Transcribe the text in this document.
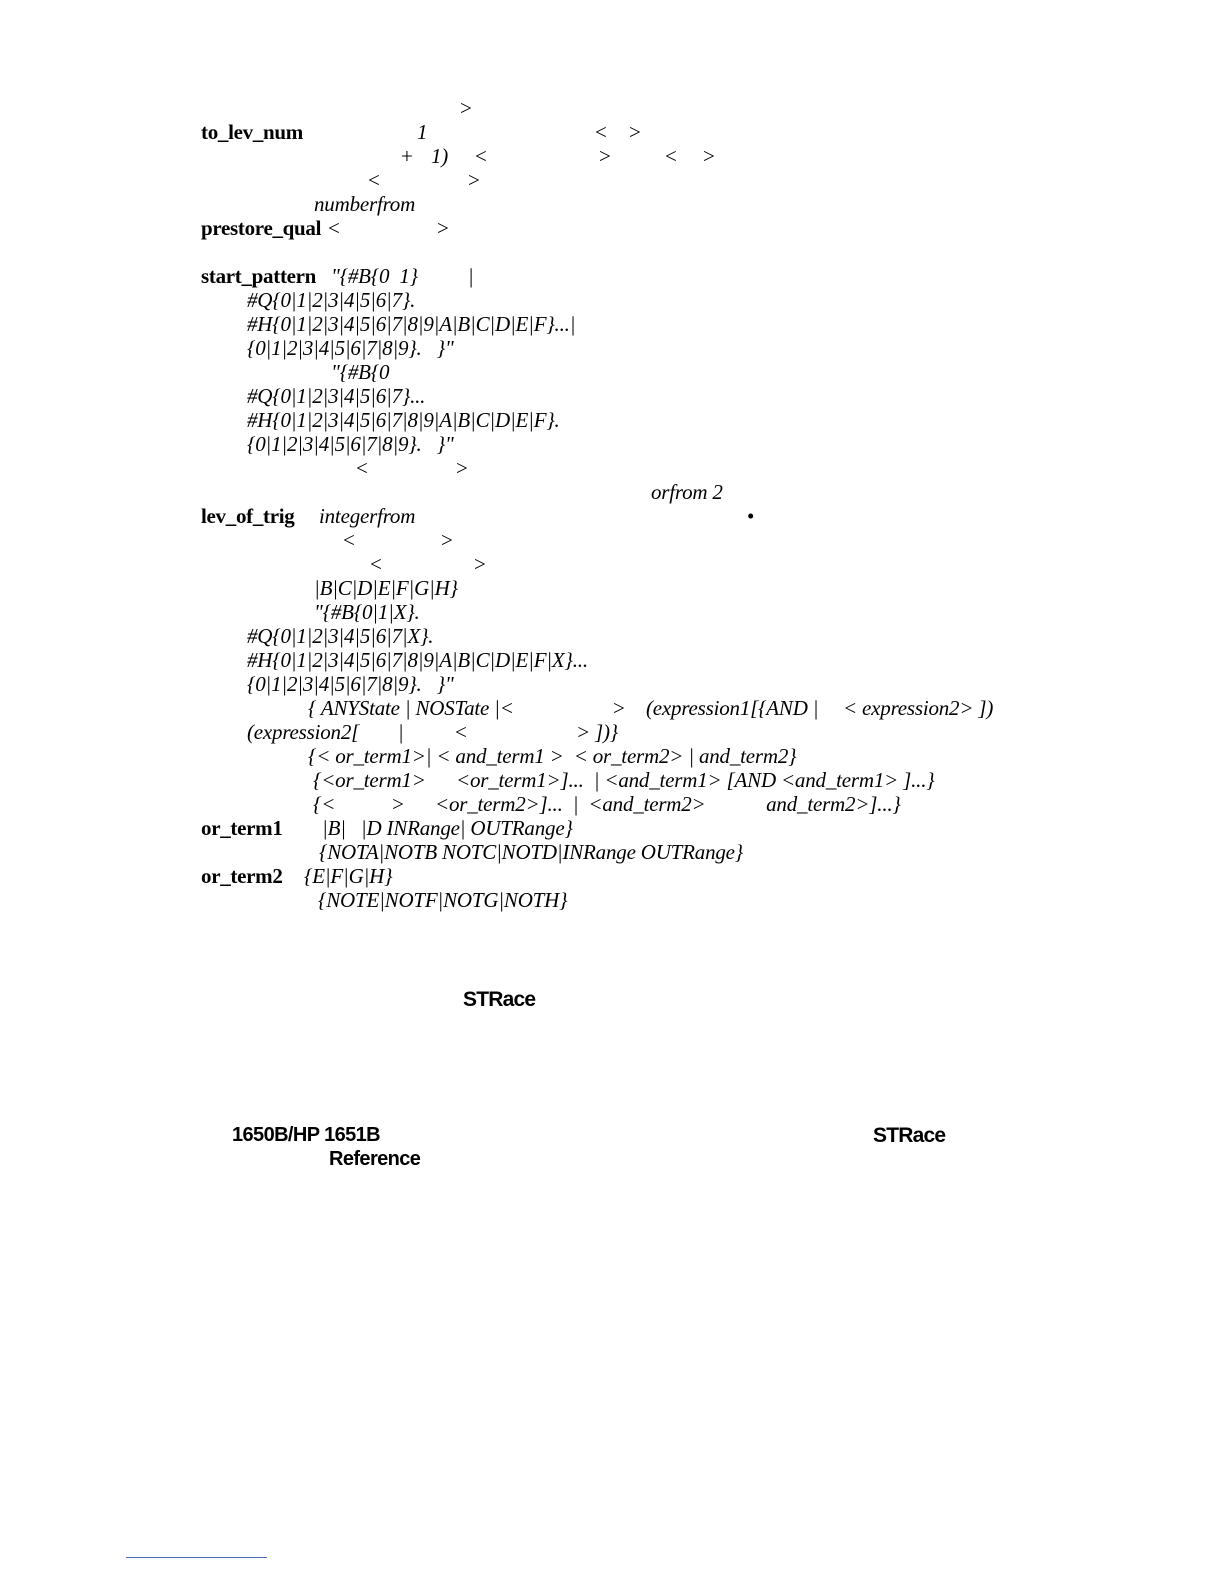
>
to_lev_num	1	< >
+ 1) <	>	< >
<	>
numberfrom
prestore_qual <	>
start_pattern "{#B{0  1} |
#Q{0|1|2|3|4|5|6|7}.
#H{0|1|2|3|4|5|6|7|8|9|A|B|C|D|E|F}...|
{0|1|2|3|4|5|6|7|8|9}.   }"
"{#B{0
#Q{0|1|2|3|4|5|6|7}...
#H{0|1|2|3|4|5|6|7|8|9|A|B|C|D|E|F}.
{0|1|2|3|4|5|6|7|8|9}.   }"
<	>
orfrom 2
lev_of_trig integerfrom	•
<	>
<	>
|B|C|D|E|F|G|H}
"{#B{0|1|X}.
#Q{0|1|2|3|4|5|6|7|X}.
#H{0|1|2|3|4|5|6|7|8|9|A|B|C|D|E|F|X}...
{0|1|2|3|4|5|6|7|8|9}.   }"
{ ANYState | NOSTate |<	> (expression1[{AND | < expression2> ])
(expression2[ | <	> ])}
{< or_term1>| < and_term1 >  < or_term2> | and_term2}
{<or_term1>      <or_term1>]...  | <and_term1> [AND <and_term1> ]...}
{<           >      <or_term2>]...  |  <and_term2>            and_term2>]...}
or_term1 |B|   |D INRange| OUTRange}
{NOTA|NOTB NOTC|NOTD|INRange OUTRange}
or_term2 {E|F|G|H}
{NOTE|NOTF|NOTG|NOTH}
STRace
1650B/HP 1651B
Reference
STRace
